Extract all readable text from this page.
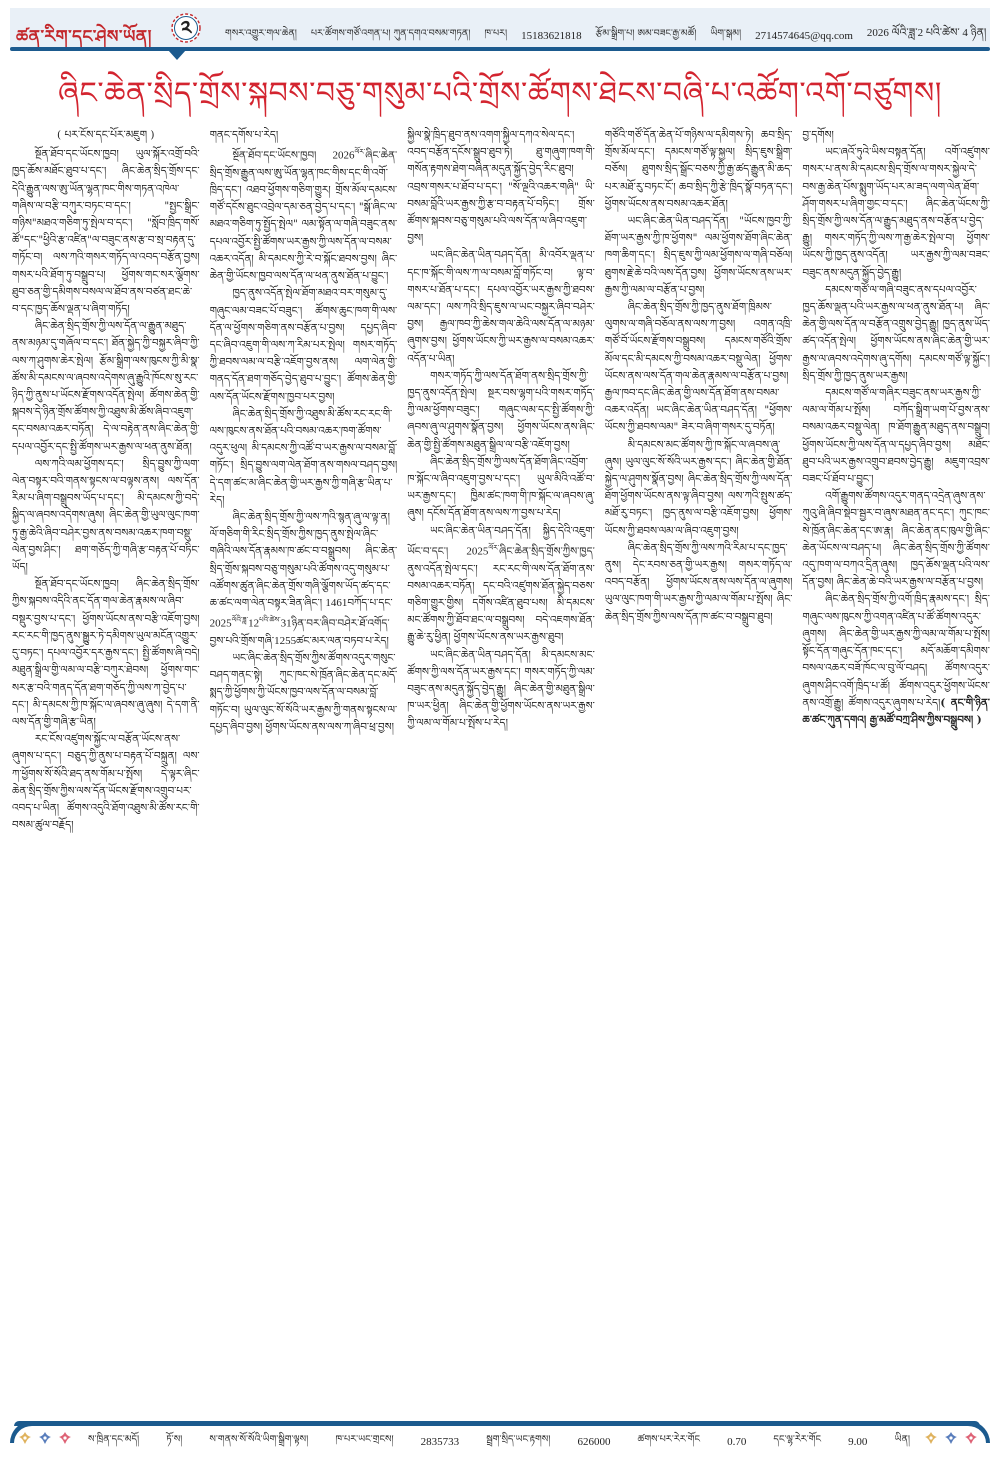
ཚན་རིག་དང་ཤེས་ཡོན།	༢	གསར་འགྱུར་གལ་ཆེན། པར་ཚོགས་གཙོ་འགན་པ། ཀུན་དགའ་བསམ་གཏན། ཁ་པར། 15183621818 རྩོམ་སྒྲིག་པ། ཨམ་བཟང་རྒྱ་མཚོ། ཡིག་སྒམ། 2714574645@qq.com 2026 ལོའི་ཟླ་2 པའི་ཚེས་ 4 ཉིན།
ཞིང་ཆེན་སྲིད་གྲོས་སྐབས་བཅུ་གསུམ་པའི་གྲོས་ཚོགས་ཐེངས་བཞི་པ་འཚོག་འགོ་བཙུགས།
( པར་ངོས་དང་པོར་མཇུག )

སྔོན་ཐོབ་དང་ཡོངས་ཁྱབ། ཡུལ་སྐོར་འགྲོ་བའི་ཁྱད་ཆོས་མཐོང་ཐུབ་པ་དང་། ཞིང་ཆེན་སྲིད་གྲོས་དང་དེའི་རྒྱུན་ལས་ཨུ་ཡོན་ལྷན་ཁང་གིས་གཏན་འཁེལ་གཞིས་ལ་བརྩི་བཀུར་བཏང་བ་དང་། "སྤྱང་སྒྲིང་གཉིས"མཐའ་གཅིག་ཏུ་སྤེལ་བ་དང་། "སློབ་ཁྲིད་གསོ་ཚོ"དང་"ཕྱིའི་རྩ་འཛིན"ལ་བཟུང་ནས་རྩ་བ་སྲ་བརྟན་དུ་གཏོང་བ། ལས་ཀའི་གསར་གཏོད་ལ་འབད་བརྩོན་བྱས། གསར་པའི་ཐོག་ཏུ་བསྒྲུབ་པ། ཕྱོགས་གང་སར་ལྕོགས་ཐུབ་ཅན་གྱི་དམིགས་བསལ་ལ་ཐོབ་ནས་བཙན་ཐང་ཆེ་བ་དང་ཁྱད་ཆོས་ལྡན་པ་ཞིག་གཏོད།

ཞིང་ཆེན་སྲིད་གྲོས་ཀྱི་ལས་དོན་ལ་རྒྱུན་མཐུད་ནས་མཉམ་དུ་གཞོལ་བ་དང་། ཐོན་སྐྱེད་ཀྱི་བསྐྱར་ཞིབ་ཀྱི་ལས་ཀ་ཤུགས་ཆེར་སྤེལ། རྩོམ་སྒྲིག་ལས་ཁུངས་ཀྱི་མི་སྣ་ཚོས་མི་དམངས་ལ་ཞབས་འདེགས་ཞུ་རྒྱུའི་ཁོངས་སུ་རང་ཉིད་ཀྱི་ནུས་པ་ཡོངས་རྫོགས་འདོན་སྤེལ། ཚོགས་ཆེན་གྱི་སྐབས་དེ་ཉིན་གྲོས་ཚོགས་ཀྱི་འཐུས་མི་ཚོས་ཞིབ་འཇུག་དང་བསམ་འཆར་བཏོན། དེ་ལ་བརྟེན་ནས་ཞིང་ཆེན་གྱི་དཔལ་འབྱོར་དང་སྤྱི་ཚོགས་ཡར་རྒྱས་ལ་ཕན་ནུས་ཐོན།

ལས་ཀའི་ལམ་ཕྱོགས་དང་། སྲིད་བྱུས་ཀྱི་ལག་ལེན་བསྟར་བའི་གནས་སྟངས་ལ་བལྟས་ནས། ལས་དོན་རིམ་པ་ཞིག་བསྒྲུབས་ཡོད་པ་དང་། མི་དམངས་ཀྱི་བདེ་སྐྱིད་ལ་ཞབས་འདེགས་ཞུས། ཞིང་ཆེན་གྱི་ཡུལ་ལུང་ཁག་ཏུ་རྒྱ་ཆེའི་ཞིབ་བཤེར་བྱས་ནས་བསམ་འཆར་ཁག་བསྡུ་ལེན་བྱས་ཤིང་། ཐག་གཅོད་ཀྱི་གཞི་རྩ་བརྟན་པོ་བཏིང་ཡོད།

སྔོན་ཐོབ་དང་ཡོངས་ཁྱབ། ཞིང་ཆེན་སྲིད་གྲོས་ཀྱིས་སྐབས་འདིའི་ནང་དོན་གལ་ཆེན་རྣམས་ལ་ཞིབ་བསྡུར་བྱས་པ་དང་། ཕྱོགས་ཡོངས་ནས་བརྩི་འཇོག་བྱས། རང་རང་གི་ཁྱད་ནུས་སྒྱུར་ཏེ་དམིགས་ཡུལ་མངོན་འགྱུར་དུ་བཏང་། དཔལ་འབྱོར་དར་རྒྱས་དང་། སྤྱི་ཚོགས་ཞི་བདེ། མཐུན་སྒྲིལ་གྱི་ལམ་ལ་བརྩི་བཀུར་ཐེབས། ཕྱོགས་གང་སར་རྩ་བའི་གནད་དོན་ཐག་གཅོད་ཀྱི་ལས་ཀ་བྱེད་པ་དང་། མི་དམངས་ཀྱི་ཁ་སྐོང་ལ་ཞབས་ཞུ་ཞུས། དེ་དག་ནི་ལས་དོན་གྱི་གཞི་རྩ་ཡིན།

རང་ངོས་འཛུགས་སྐྱོང་ལ་བརྩོན་ཡོངས་ནས་ཞུགས་པ་དང་། བཅུད་ཀྱི་ནུས་པ་བརྟན་པོ་བསྐྲུན། ལས་ཀ་ཕྱོགས་སོ་སོའི་ཐད་ནས་གོམ་པ་སྤོས། དེ་ལྟར་ཞིང་ཆེན་སྲིད་གྲོས་ཀྱིས་ལས་དོན་ཡོངས་རྫོགས་འགྲུབ་པར་འབད་པ་ཡིན། ཚོགས་འདུའི་ཐོག་འཐུས་མི་ཚོས་རང་གི་བསམ་ཚུལ་བརྗོད།

གནང་དགོས་པ་རེད།

སྔོན་ཐོབ་དང་ཡོངས་ཁྱབ། $2026^{ལོར་}ཞིང་ཆེན་སྲིད་གྲོས་རྒྱུན་ལས་ཨུ་ཡོན་ལྷན་ཁང་གིས་དང་གི་འགོ་ཁྲིད་དང་།$ འཐབ་ཕྱོགས་གཅིག་གྱུར། གྲོས་མོལ་དམངས་གཙོ་དངོས་ཐུང་འབྲེལ་དམ་ཅན་བྱེད་པ་དང་། "སྒོ་ཞིང་ལ་མཐའ་གཅིག་ཏུ་སྤྱོད་སྤེལ" ལམ་སྟོན་ལ་གཞི་བཟུང་ནས་དཔལ་འབྱོར་སྤྱི་ཚོགས་ཡར་རྒྱས་ཀྱི་ལས་དོན་ལ་བསམ་འཆར་འདོན། མི་དམངས་ཀྱི་རེ་བ་སྐོང་ཐབས་བྱས། ཞིང་ཆེན་གྱི་ཡོངས་ཁྱབ་ལས་དོན་ལ་ཕན་ནུས་ཐོན་པ་བྱུང་།

ཁྱད་ནུས་འདོན་སྤེལ་ཐོག་མཐའ་བར་གསུམ་དུ་གཞུང་ལམ་བཟང་པོ་བཟུང་། ཚོགས་ཆུང་ཁག་གི་ལས་དོན་ལ་ཕྱོགས་གཅིག་ནས་བརྩོན་པ་བྱས། དཔྱད་ཞིབ་དང་ཞིབ་འཇུག་གི་ལས་ཀ་རིམ་པར་སྤེལ། གསར་གཏོད་ཀྱི་ཐབས་ལམ་ལ་བརྩི་འཇོག་བྱས་ནས། ལག་ལེན་གྱི་གནད་དོན་ཐག་གཅོད་བྱེད་ཐུབ་པ་བྱུང་། ཚོགས་ཆེན་གྱི་ལས་དོན་ཡོངས་རྫོགས་ཁྱབ་པར་བྱས།

ཞིང་ཆེན་སྲིད་གྲོས་ཀྱི་འཐུས་མི་ཚོས་རང་རང་གི་ལས་ཁུངས་ནས་ཐོན་པའི་བསམ་འཆར་ཁག་ཚོགས་འདུར་ཕུལ། མི་དམངས་ཀྱི་འཚོ་བ་ཡར་རྒྱས་ལ་བསམ་བློ་གཏོང་། སྲིད་བྱུས་ལག་ལེན་ཐོག་ནས་གསལ་བཤད་བྱས། དེ་དག་ཚང་མ་ཞིང་ཆེན་གྱི་ཡར་རྒྱས་ཀྱི་གཞི་རྩ་ཡིན་པ་རེད།

ཞིང་ཆེན་སྲིད་གྲོས་ཀྱི་ལས་ཀའི་སྙན་ཞུ་ལ་ལྟ་ན། ལོ་གཅིག་གི་རིང་སྲིད་གྲོས་ཀྱིས་ཁྱད་ནུས་སྤེལ་ཞིང་གཞིའི་ལས་དོན་རྣམས་ཁ་ཚང་བ་བསྒྲུབས། ཞིང་ཆེན་སྲིད་གྲོས་སྐབས་བཅུ་གསུམ་པའི་ཚོགས་འདུ་གསུམ་པ་འཚོགས་ཚུན་ཞིང་ཆེན་གྲོས་གཞི་ལྕོགས་ཡོད་ཚད་དང་ཆ་ཚང་ལག་ལེན་བསྟར་ཟིན་ཞིང་། 1461བཀོད་པ་དང་

$2025^{ལོའི་ཟླ་}12^{པའི་ཚེས་}31ཉིན་བར་ཞིབ་བཤེར་ཐོ་འགོད་བྱས་པའི་གྲོས་གཞི་1255ཚང་མར་ལན་བཏབ་པ་རེད།$

ཡང་ཞིང་ཆེན་སྲིད་གྲོས་ཀྱིས་ཚོགས་འདུར་གསུང་བཤད་གནང་སྟེ། ཀུང་ཁང་སེ་ཁྲོན་ཞིང་ཆེན་དང་མདོ་སྨད་ཀྱི་ཕྱོགས་ཀྱི་ཡོངས་ཁྱབ་ལས་དོན་ལ་བསམ་བློ་གཏོང་བ། ཡུལ་ལུང་སོ་སོའི་ཡར་རྒྱས་ཀྱི་གནས་སྟངས་ལ་དཔྱད་ཞིབ་བྱས། ཕྱོགས་ཡོངས་ནས་ལས་ཀ་ཞིབ་ཕྲ་བྱས།

སྐྱིལ་སྣེ་ཁྲིད་ཐུབ་ནས་འགག་སྐྱིལ་དཀའ་སེལ་དང་། འབད་བརྩོན་དངོས་སྒྲུབ་ཐུབ་ཏེ། ཐུ་གཞུག་ཁག་གི་གསོན་རྟགས་ཐེག་བཞིན་མདུན་སྐྱོད་བྱེད་རིང་ཐུབ། འབྲས་གསར་པ་ཐོབ་པ་དང་། "སོ་ལྔའི་འཆར་གཞི" ཡི་བསམ་བློའི་ཡར་རྒྱས་ཀྱི་རྩ་བ་བརྟན་པོ་བཏིང་། གྲོས་ཚོགས་སྐབས་བཅུ་གསུམ་པའི་ལས་དོན་ལ་ཞིབ་འཇུག་བྱས།

ཡང་ཞིང་ཆེན་ཡིན་བཤད་དོན། མི་འབོར་ལྡན་པ་དང་ཁ་སྐོང་གི་ལས་ཀ་ལ་བསམ་བློ་གཏོང་བ། ལྟ་བ་གསར་པ་ཐོན་པ་དང་། དཔལ་འབྱོར་ཡར་རྒྱས་ཀྱི་ཐབས་ལམ་དང་། ལས་ཀའི་སྲིད་ཇུས་ལ་ཡང་བསྐྱར་ཞིབ་བཤེར་བྱས། རྒྱལ་ཁབ་ཀྱི་ཆེས་གལ་ཆེའི་ལས་དོན་ལ་མཉམ་ཞུགས་བྱས། ཕྱོགས་ཡོངས་ཀྱི་ཡར་རྒྱས་ལ་བསམ་འཆར་འདོན་པ་ཡིན།

གསར་གཏོད་ཀྱི་ལས་དོན་ཐོག་ནས་སྲིད་གྲོས་ཀྱི་ཁྱད་ནུས་འདོན་སྤེལ། སྔར་བས་ལྷག་པའི་གསར་གཏོད་ཀྱི་ལམ་ཕྱོགས་བཟུང་། གཞུང་ལམ་དང་སྤྱི་ཚོགས་ཀྱི་ཞབས་ཞུ་ལ་ཤུགས་སྣོན་བྱས། ཕྱོགས་ཡོངས་ནས་ཞིང་ཆེན་གྱི་སྤྱི་ཚོགས་མཐུན་སྒྲིལ་ལ་བརྩི་འཇོག་བྱས།

ཞིང་ཆེན་སྲིད་གྲོས་ཀྱི་ལས་དོན་ཐོག་ཞིང་འབྲོག་ཁ་སྐོང་ལ་ཞིབ་འཇུག་བྱས་པ་དང་། ཡུལ་མིའི་འཚོ་བ་ཡར་རྒྱས་དང་། ཁྱིམ་ཚང་ཁག་གི་ཁ་སྐོང་ལ་ཞབས་ཞུ་ཞུས། དངོས་དོན་ཐོག་ནས་ལས་ཀ་བྱས་པ་རེད།

ཡང་ཞིང་ཆེན་ཡིན་བཤད་དོན། སྐྱིད་དེའི་འཇུག་ཡོང་བ་དང་། $2025^{ལོར་}ཞིང་ཆེན་སྲིད་གྲོས་ཀྱིས་ཁྱད་ནུས་འདོན་སྤེལ་དང་།$ རང་རང་གི་ལས་དོན་ཐོག་ནས་བསམ་འཆར་བཏོན། དང་བའི་འཛུགས་ཐོན་སྐྱེད་བཅས་གཅིག་གྱུར་གྱིས། དགོས་འཛིན་ཐུབ་པས། མི་དམངས་མང་ཚོགས་ཀྱི་ཐོབ་ཐང་ལ་བསྒྲུབས། བདེ་འཇགས་ཐོན་རྒྱུ་ཆེ་རུ་ཕྱིན། ཕྱོགས་ཡོངས་ནས་ཡར་རྒྱས་ཐུབ།

ཡང་ཞིང་ཆེན་ཡིན་བཤད་དོན། མི་དམངས་མང་ཚོགས་ཀྱི་ལས་དོན་ཡར་རྒྱས་དང་། གསར་གཏོད་ཀྱི་ལམ་བཟུང་ནས་མདུན་སྐྱོད་བྱེད་རྒྱུ། ཞིང་ཆེན་གྱི་མཐུན་སྒྲིལ་ཁ་ཡར་ཕྱིན། ཞིང་ཆེན་གྱི་ཕྱོགས་ཡོངས་ནས་ཡར་རྒྱས་ཀྱི་ལམ་ལ་གོམ་པ་སྤོས་པ་རེད།

གཙོའི་གཙོ་དོན་ཆེན་པོ་གཉིས་ལ་དམིགས་ཏེ། ཆབ་སྲིད་གྲོས་མོལ་དང་། དམངས་གཙོ་ལྟ་སྐྱལ། སྲིད་ཇུས་སྒྲིག་བཅོས། ཐུགས་སྲིད་སྒྲོང་བཅས་ཀྱི་རྒྱ་ཚད་རྒྱུན་མི་ཆད་པར་མཐོ་རུ་བཏང་ངོ་། ཆབ་སྲིད་ཀྱི་རྩེ་ཁྲིད་སྣོ་བཏན་དང་། ཕྱོགས་ཡོངས་ནས་བསམ་འཆར་ཐོན།

ཡང་ཞིང་ཆེན་ཡིན་བཤད་དོན། "ཡོངས་ཁྱབ་ཀྱི་ཐོག་ཡར་རྒྱས་ཀྱི་ཁ་ཕྱོགས" ལམ་ཕྱོགས་ཐོག་ཞིང་ཆེན་ཁག་ཆིག་དང་། སྲིད་ཇུས་ཀྱི་ལམ་ཕྱོགས་ལ་གཞི་བཅོལ། ཐུགས་རྗེ་ཆེ་བའི་ལས་དོན་བྱས། ཕྱོགས་ཡོངས་ནས་ཡར་རྒྱས་ཀྱི་ལམ་ལ་བརྩོན་པ་བྱས།

ཞིང་ཆེན་སྲིད་གྲོས་ཀྱི་ཁྱད་ནུས་ཐོག་ཁྲིམས་ལུགས་ལ་གཞི་བཅོལ་ནས་ལས་ཀ་བྱས། འགན་འཁྲི་གཙོ་བོ་ཡོངས་རྫོགས་བསྒྲུབས། དམངས་གཙོའི་གྲོས་མོལ་དང་མི་དམངས་ཀྱི་བསམ་འཆར་བསྡུ་ལེན། ཕྱོགས་ཡོངས་ནས་ལས་དོན་གལ་ཆེན་རྣམས་ལ་བརྩོན་པ་བྱས། རྒྱལ་ཁབ་དང་ཞིང་ཆེན་གྱི་ལས་དོན་ཐོག་ནས་བསམ་འཆར་འདོན། ཡང་ཞིང་ཆེན་ཡིན་བཤད་དོན། "ཕྱོགས་ཡོངས་ཀྱི་ཐབས་ལམ" ཟེར་བ་ཞིག་གསར་དུ་བཏོན།

མི་དམངས་མང་ཚོགས་ཀྱི་ཁ་སྐོང་ལ་ཞབས་ཞུ་ཞུས། ཡུལ་ལུང་སོ་སོའི་ཡར་རྒྱས་དང་། ཞིང་ཆེན་གྱི་ཐོན་སྐྱེད་ལ་ཤུགས་སྣོན་བྱས། ཞིང་ཆེན་སྲིད་གྲོས་ཀྱི་ལས་དོན་ཐོག་ཕྱོགས་ཡོངས་ནས་ལྟ་ཞིབ་བྱས། ལས་ཀའི་སྤུས་ཚད་མཐོ་རུ་བཏང་། ཁྱད་ནུས་ལ་བརྩི་འཇོག་བྱས། ཕྱོགས་ཡོངས་ཀྱི་ཐབས་ལམ་ལ་ཞིབ་འཇུག་བྱས།

ཞིང་ཆེན་སྲིད་གྲོས་ཀྱི་ལས་ཀའི་རིམ་པ་དང་ཁྱད་ནུས། དེང་རབས་ཅན་གྱི་ཡར་རྒྱས། གསར་གཏོད་ལ་འབད་བརྩོན། ཕྱོགས་ཡོངས་ནས་ལས་དོན་ལ་ཞུགས། ཡུལ་ལུང་ཁག་གི་ཡར་རྒྱས་ཀྱི་ལམ་ལ་གོམ་པ་སྤོས། ཞིང་ཆེན་སྲིད་གྲོས་ཀྱིས་ལས་དོན་ཁ་ཚང་བ་བསྒྲུབ་ཐུབ།

བྱ་དགོས།

ཡང་ཞའོ་ཏུའེ་ཡིས་བསྟན་དོན། འགོ་འཛུགས་གསར་པ་ནས་མི་དམངས་སྲིད་གྲོས་ལ་གསར་སྐྱེལ་དེ་བས་རྒྱ་ཆེན་པོས་སྨུག་ཡོད་པར་མ་ཟད་ལག་ལེན་ཐོག་ཤོག་གསར་པ་ཞིག་གྱང་བ་དང་། ཞིང་ཆེན་ཡོངས་ཀྱི་སྲིད་གྲོས་ཀྱི་ལས་དོན་ལ་རྒྱུད་མཐུད་ནས་བརྩོན་པ་བྱེད་རྒྱུ། གསར་གཏོད་ཀྱི་ལས་ཀ་རྒྱ་ཆེར་སྤེལ་བ། ཕྱོགས་ཡོངས་ཀྱི་ཁྱད་ནུས་འདོན། ཡར་རྒྱས་ཀྱི་ལམ་བཟང་བཟུང་ནས་མདུན་སྐྱོད་བྱེད་རྒྱུ།

དམངས་གཙོ་ལ་གཞི་བཟུང་ནས་དཔལ་འབྱོར་ཁྱད་ཆོས་ལྡན་པའི་ཡར་རྒྱས་ལ་ཕན་ནུས་ཐོན་པ། ཞིང་ཆེན་གྱི་ལས་དོན་ལ་བརྩོན་འགྲུས་བྱེད་རྒྱུ། ཁྱད་ནུས་ཡོད་ཚད་འདོན་སྤེལ། ཕྱོགས་ཡོངས་ནས་ཞིང་ཆེན་གྱི་ཡར་རྒྱས་ལ་ཞབས་འདེགས་ཞུ་དགོས། དམངས་གཙོ་ལྟ་སྐྱོང་། སྲིད་གྲོས་ཀྱི་ཁྱད་ནུས་ཡར་རྒྱས།

དམངས་གཙོ་ལ་གཞིར་བཟུང་ནས་ཡར་རྒྱས་ཀྱི་ལམ་ལ་གོམ་པ་སྤོས། བཀོད་སྒྲིག་ཡག་པོ་བྱས་ནས་བསམ་འཆར་བསྡུ་ལེན། ཁ་ཐོག་རྒྱུན་མཐུད་ནས་བསྒྲུབ། ཕྱོགས་ཡོངས་ཀྱི་ལས་དོན་ལ་དཔྱད་ཞིབ་བྱས། མཐོང་ཐུབ་པའི་ཡར་རྒྱས་འགྲུབ་ཐབས་བྱེད་རྒྱུ། མཇུག་འབྲས་བཟང་པོ་ཐོབ་པ་བྱུང་།

འགོ་རྒྱུགས་ཚོགས་འདུར་གནད་འདྲེན་ཞུས་ནས་ཀུའུ་ཞི་ཞིབ་སྡེབ་སྦྱར་བ་ཞུས་མཐན་ནང་དང་། ཀུང་ཁང་སེ་ཁྲོན་ཞིང་ཆེན་དང་ཨ་རྣ། ཞིང་ཆེན་ནང་ཁུལ་གྱི་ཞིང་ཆེན་ཡོངས་ལ་བཤད་པ། ཞིང་ཆེན་སྲིད་གྲོས་ཀྱི་ཚོགས་འདུ་ཁག་ལ་བཀའ་དྲིན་ཞུས། ཁྱད་ཆོས་ལྡན་པའི་ལས་དོན་བྱས། ཞིང་ཆེན་ཆེ་བའི་ཡར་རྒྱས་ལ་བརྩོན་པ་བྱས།

ཞིང་ཆེན་སྲིད་གྲོས་ཀྱི་འགོ་ཁྲིད་རྣམས་དང་། སྲིད་གཞུང་ལས་ཁུངས་ཀྱི་འགན་འཛིན་པ་ཚོ་ཚོགས་འདུར་ཞུགས། ཞིང་ཆེན་གྱི་ཡར་རྒྱས་ཀྱི་ལམ་ལ་གོམ་པ་སྤོས། སྟོང་དོན་གཞུང་དོན་ཁང་དང་། མདོ་མཆོག་དམིགས་བསལ་འཆར་བཟོ་ཁོང་ལ་བུ་ལོ་བཤད། ཚོགས་འདུར་ཞུགས་ཤིང་འགོ་ཁྲིད་པ་ཚོ། ཚོགས་འདུར་ཕྱོགས་ཡོངས་ནས་འགྲོ་རྒྱུ། ཚོགས་འདུར་ཞུགས་པ་རེད།( ནང་གི་ཉིན་ ཆ་ཚང་ཀུན་དགའ། རྒྱ་མཚོ་བཀྲ་ཤིས་ཀྱིས་བསྒྲུབས། )

ས་ཁྲིན་དང་མདོ།	ཏོ་ས།	ས་གནས་སོ་སོའི་ཡིག་སྒྲིག་ལྟས།	ཁ་པར་ཡང་གྲངས། 2835733	སྦྲག་སྲིད་ཡང་རྟགས། 626000	ཚགས་པར་རེར་གོང 0.70	དང་ལྷ་རེར་གོང 9.00	ཡིན།
